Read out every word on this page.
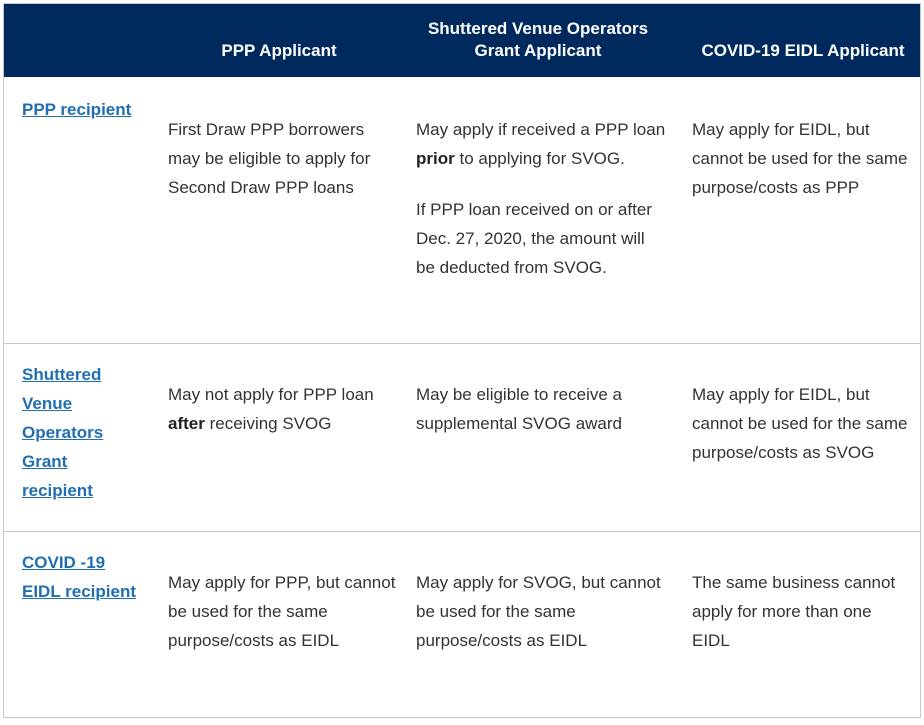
PPP Applicant
Shuttered Venue Operators
Grant Applicant	COVID-19 EIDL Applicant
PPP recipient
First Draw PPP borrowers may be eligible to apply for Second Draw PPP loans

May apply if received a PPP loan prior to applying for SVOG.

If PPP loan received on or after Dec. 27, 2020, the amount will be deducted from SVOG.

May apply for EIDL, but cannot be used for the same purpose/costs as PPP
Shuttered Venue Operators Grant recipient
May not apply for PPP loan after receiving SVOG
May be eligible to receive a supplemental SVOG award
May apply for EIDL, but cannot be used for the same purpose/costs as SVOG
COVID -19 EIDL recipient	May apply for PPP, but cannot be used for the same purpose/costs as EIDL
May apply for SVOG, but cannot be used for the same purpose/costs as EIDL
The same business cannot apply for more than one EIDL
